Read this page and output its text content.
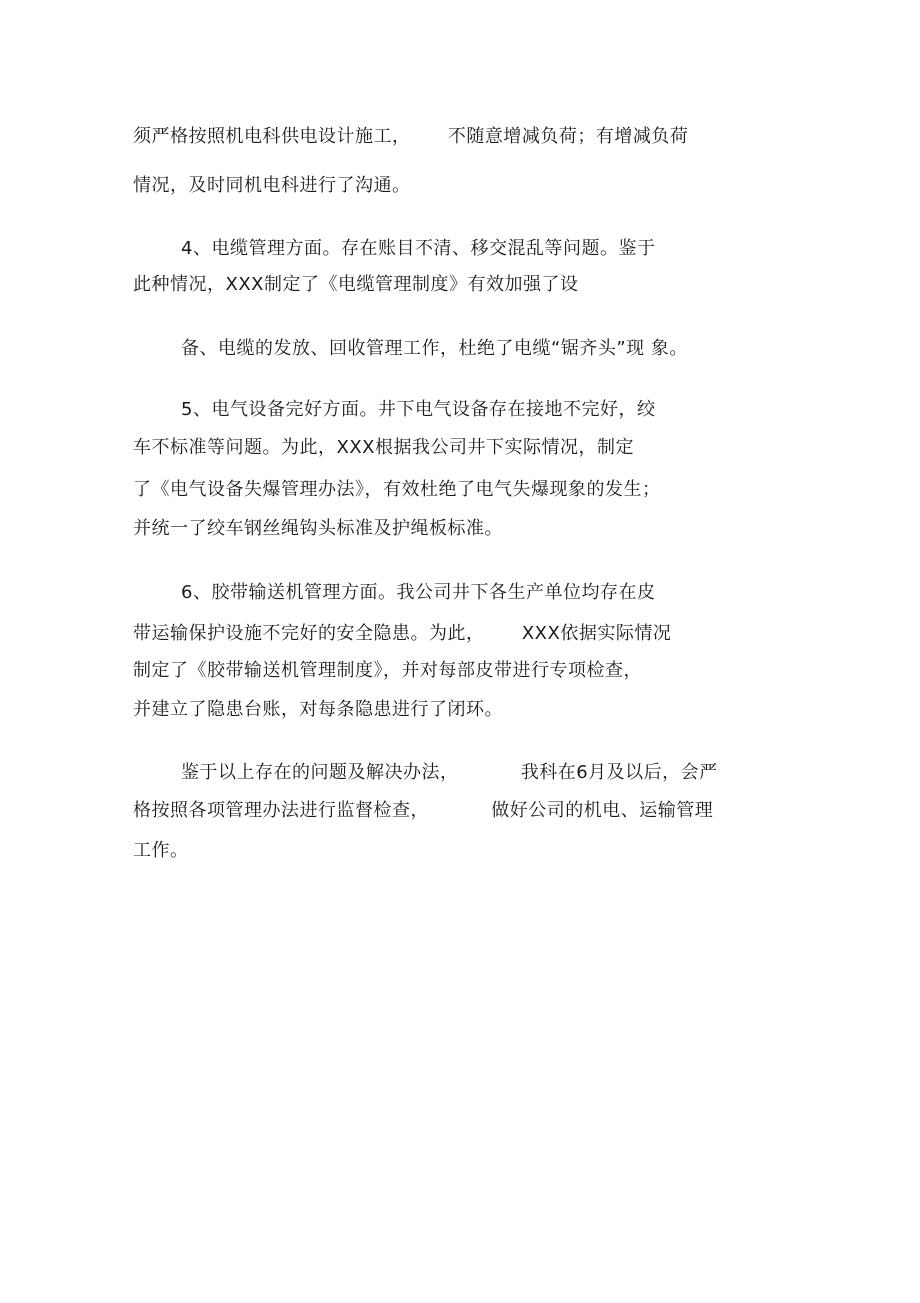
须严格按照机电科供电设计施工，      不随意增减负荷；有增减负荷
情况，及时同机电科进行了沟通。
4、电缆管理方面。存在账目不清、移交混乱等问题。鉴于
此种情况，XXX制定了《电缆管理制度》有效加强了设
备、电缆的发放、回收管理工作，杜绝了电缆“锯齐头”现 象。
5、电气设备完好方面。井下电气设备存在接地不完好，绞
车不标准等问题。为此，XXX根据我公司井下实际情况，制定
了《电气设备失爆管理办法》，有效杜绝了电气失爆现象的发生；
并统一了绞车钢丝绳钩头标准及护绳板标准。
6、胶带输送机管理方面。我公司井下各生产单位均存在皮
带运输保护设施不完好的安全隐患。为此，      XXX依据实际情况
制定了《胶带输送机管理制度》，并对每部皮带进行专项检查，
并建立了隐患台账，对每条隐患进行了闭环。
鉴于以上存在的问题及解决办法，          我科在6月及以后，会严
格按照各项管理办法进行监督检查，          做好公司的机电、运输管理
工作。
